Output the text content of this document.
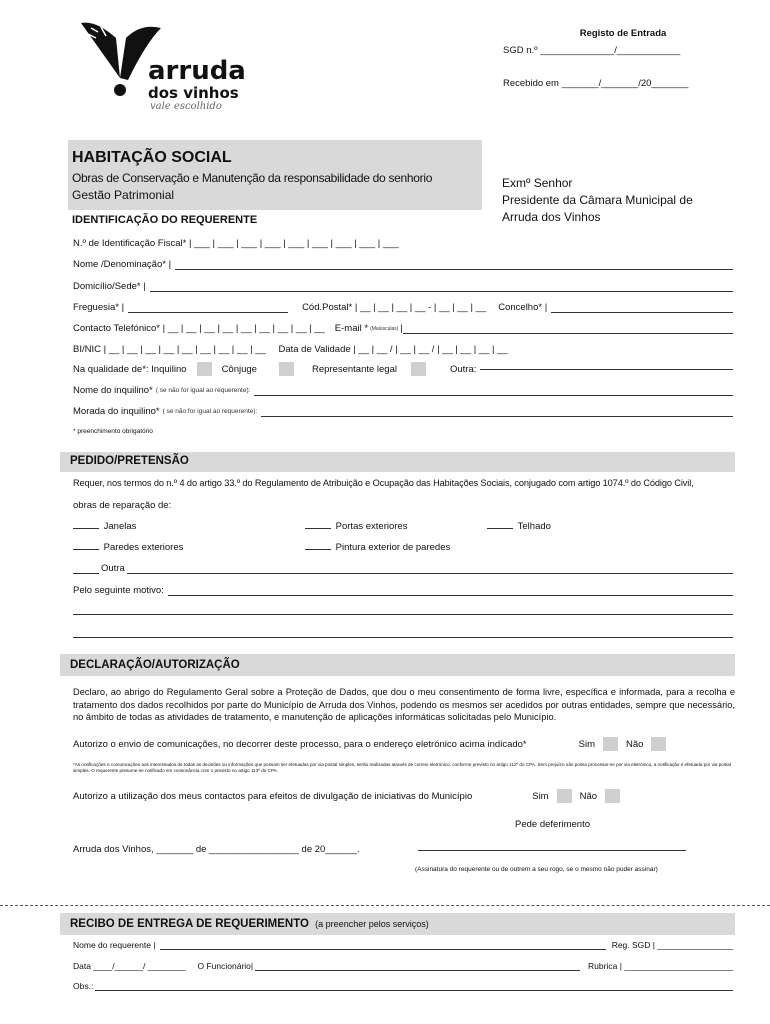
arruda
dos vinhos
vale escolhido
Registo de Entrada
SGD n.º ______________/____________
Recebido em _______/_______/20_______
HABITAÇÃO SOCIAL
Obras de Conservação e Manutenção da responsabilidade do senhorio
Gestão Patrimonial
Exmº Senhor
Presidente da Câmara Municipal de
Arruda dos Vinhos
IDENTIFICAÇÃO DO REQUERENTE
N.º de Identificação Fiscal* | ___ | ___ | ___ | ___ | ___ | ___ | ___ | ___ | ___
Nome /Denominação* |
Domicílio/Sede* |
Freguesia* |	Cód.Postal* | __ | __ | __ | __ - | __ | __ | __ Concelho* |
Contacto Telefónico* | __ | __ | __ | __ | __ | __ | __ | __ | __ E-mail * (Maiúsculas) |
BI/NIC | __ | __ | __ | __ | __ | __ | __ | __ | __ Data de Validade | __ | __ / | __ | __ / | __ | __ | __ | __
Na qualidade de*: Inquilino	Cônjuge	Representante legal	Outra:
Nome do inquilino* ( se não for igual ao requerente):
Morada do inquilino* ( se não for igual ao requerente):
* preenchimento obrigatório
PEDIDO/PRETENSÃO
Requer, nos termos do n.º 4 do artigo 33.º do Regulamento de Atribuição e Ocupação das Habitações Sociais, conjugado com artigo 1074.º do Código Civil,
obras de reparação de:
Janelas	Portas exteriores	Telhado
Paredes exteriores	Pintura exterior de paredes
Outra
Pelo seguinte motivo:
DECLARAÇÃO/AUTORIZAÇÃO
Declaro, ao abrigo do Regulamento Geral sobre a Proteção de Dados, que dou o meu consentimento de forma livre, específica e informada, para a recolha e tratamento dos dados recolhidos por parte do Município de Arruda dos Vinhos, podendo os mesmos ser acedidos por outras entidades, sempre que necessário, no âmbito de todas as atividades de tratamento, e manutenção de aplicações informáticas solicitadas pelo Município.
Autorizo o envio de comunicações, no decorrer deste processo, para o endereço eletrónico acima indicado*	Sim	Não
*As notificações e comunicações aos interessados de todas as decisões ou informações que possam ser efetuadas por via postal simples, serão realizadas através de correio eletrónico, conforme previsto no artigo 112º do CPA. Sem prejuízo não possa processar-se por via eletrónica, a notificação é efetuada por via postal simples. O requerente presume-se notificado em consonância com o previsto no artigo 113º do CPA.
Autorizo a utilização dos meus contactos para efeitos de divulgação de iniciativas do Município	Sim	Não
Pede deferimento
Arruda dos Vinhos, _______ de _________________ de 20______.
(Assinatura do requerente ou de outrem a seu rogo, se o mesmo não puder assinar)
RECIBO DE ENTREGA DE REQUERIMENTO (a preencher pelos serviços)
Nome do requerente |	Reg. SGD | ________________
Data ____/______/ ________ O Funcionário|	Rubrica | _______________________
Obs.:
